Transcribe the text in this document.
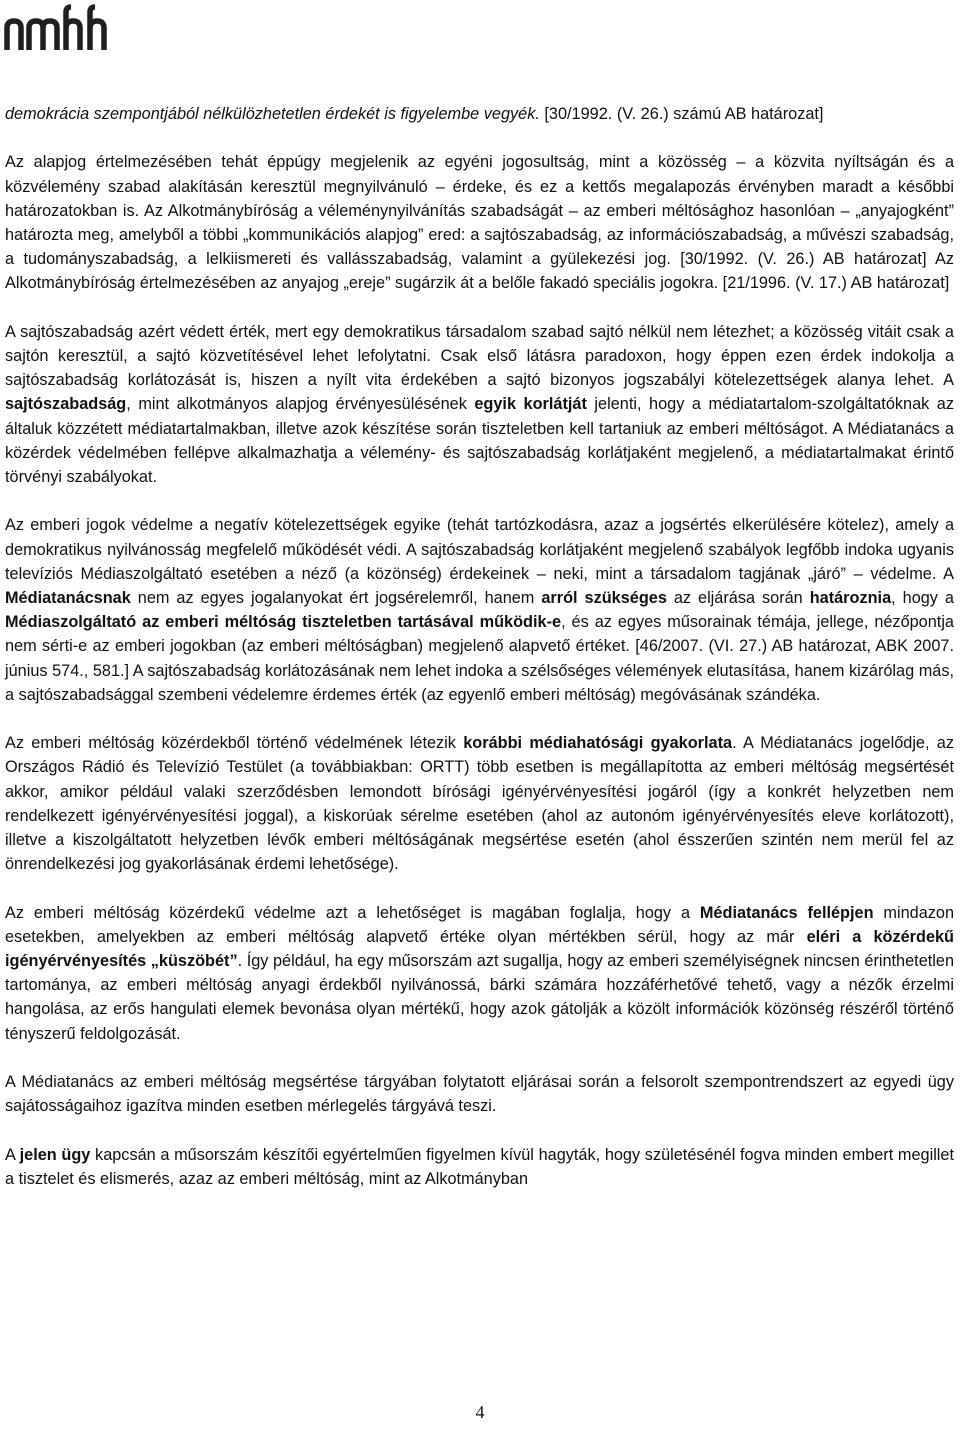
demokrácia szempontjából nélkülözhetetlen érdekét is figyelembe vegyék. [30/1992. (V. 26.) számú AB határozat]

Az alapjog értelmezésében tehát éppúgy megjelenik az egyéni jogosultság, mint a közösség – a közvita nyíltságán és a közvélemény szabad alakításán keresztül megnyilvánuló – érdeke, és ez a kettős megalapozás érvényben maradt a későbbi határozatokban is. Az Alkotmánybíróság a véleménynyilvánítás szabadságát – az emberi méltósághoz hasonlóan – „anyajogként” határozta meg, amelyből a többi „kommunikációs alapjog” ered: a sajtószabadság, az információszabadság, a művészi szabadság, a tudományszabadság, a lelkiismereti és vallásszabadság, valamint a gyülekezési jog. [30/1992. (V. 26.) AB határozat] Az Alkotmánybíróság értelmezésében az anyajog „ereje” sugárzik át a belőle fakadó speciális jogokra. [21/1996. (V. 17.) AB határozat]

A sajtószabadság azért védett érték, mert egy demokratikus társadalom szabad sajtó nélkül nem létezhet; a közösség vitáit csak a sajtón keresztül, a sajtó közvetítésével lehet lefolytatni. Csak első látásra paradoxon, hogy éppen ezen érdek indokolja a sajtószabadság korlátozását is, hiszen a nyílt vita érdekében a sajtó bizonyos jogszabályi kötelezettségek alanya lehet. A sajtószabadság, mint alkotmányos alapjog érvényesülésének egyik korlátját jelenti, hogy a médiatartalom-szolgáltatóknak az általuk közzétett médiatartalmakban, illetve azok készítése során tiszteletben kell tartaniuk az emberi méltóságot. A Médiatanács a közérdek védelmében fellépve alkalmazhatja a vélemény- és sajtószabadság korlátjaként megjelenő, a médiatartalmakat érintő törvényi szabályokat.

Az emberi jogok védelme a negatív kötelezettségek egyike (tehát tartózkodásra, azaz a jogsértés elkerülésére kötelez), amely a demokratikus nyilvánosság megfelelő működését védi. A sajtószabadság korlátjaként megjelenő szabályok legfőbb indoka ugyanis televíziós Médiaszolgáltató esetében a néző (a közönség) érdekeinek – neki, mint a társadalom tagjának „járó” – védelme. A Médiatanácsnak nem az egyes jogalanyokat ért jogsérelemről, hanem arról szükséges az eljárása során határoznia, hogy a Médiaszolgáltató az emberi méltóság tiszteletben tartásával működik-e, és az egyes műsorainak témája, jellege, nézőpontja nem sérti-e az emberi jogokban (az emberi méltóságban) megjelenő alapvető értéket. [46/2007. (VI. 27.) AB határozat, ABK 2007. június 574., 581.] A sajtószabadság korlátozásának nem lehet indoka a szélsőséges vélemények elutasítása, hanem kizárólag más, a sajtószabadsággal szembeni védelemre érdemes érték (az egyenlő emberi méltóság) megóvásának szándéka.

Az emberi méltóság közérdekből történő védelmének létezik korábbi médiahatósági gyakorlata. A Médiatanács jogelődje, az Országos Rádió és Televízió Testület (a továbbiakban: ORTT) több esetben is megállapította az emberi méltóság megsértését akkor, amikor például valaki szerződésben lemondott bírósági igényérvényesítési jogáról (így a konkrét helyzetben nem rendelkezett igényérvényesítési joggal), a kiskorúak sérelme esetében (ahol az autonóm igényérvényesítés eleve korlátozott), illetve a kiszolgáltatott helyzetben lévők emberi méltóságának megsértése esetén (ahol ésszerűen szintén nem merül fel az önrendelkezési jog gyakorlásának érdemi lehetősége).

Az emberi méltóság közérdekű védelme azt a lehetőséget is magában foglalja, hogy a Médiatanács fellépjen mindazon esetekben, amelyekben az emberi méltóság alapvető értéke olyan mértékben sérül, hogy az már eléri a közérdekű igényérvényesítés „küszöbét”. Így például, ha egy műsorszám azt sugallja, hogy az emberi személyiségnek nincsen érinthetetlen tartománya, az emberi méltóság anyagi érdekből nyilvánossá, bárki számára hozzáférhetővé tehető, vagy a nézők érzelmi hangolása, az erős hangulati elemek bevonása olyan mértékű, hogy azok gátolják a közölt információk közönség részéről történő tényszerű feldolgozását.

A Médiatanács az emberi méltóság megsértése tárgyában folytatott eljárásai során a felsorolt szempontrendszert az egyedi ügy sajátosságaihoz igazítva minden esetben mérlegelés tárgyává teszi.

A jelen ügy kapcsán a műsorszám készítői egyértelműen figyelmen kívül hagyták, hogy születésénél fogva minden embert megillet a tisztelet és elismerés, azaz az emberi méltóság, mint az Alkotmányban

4
